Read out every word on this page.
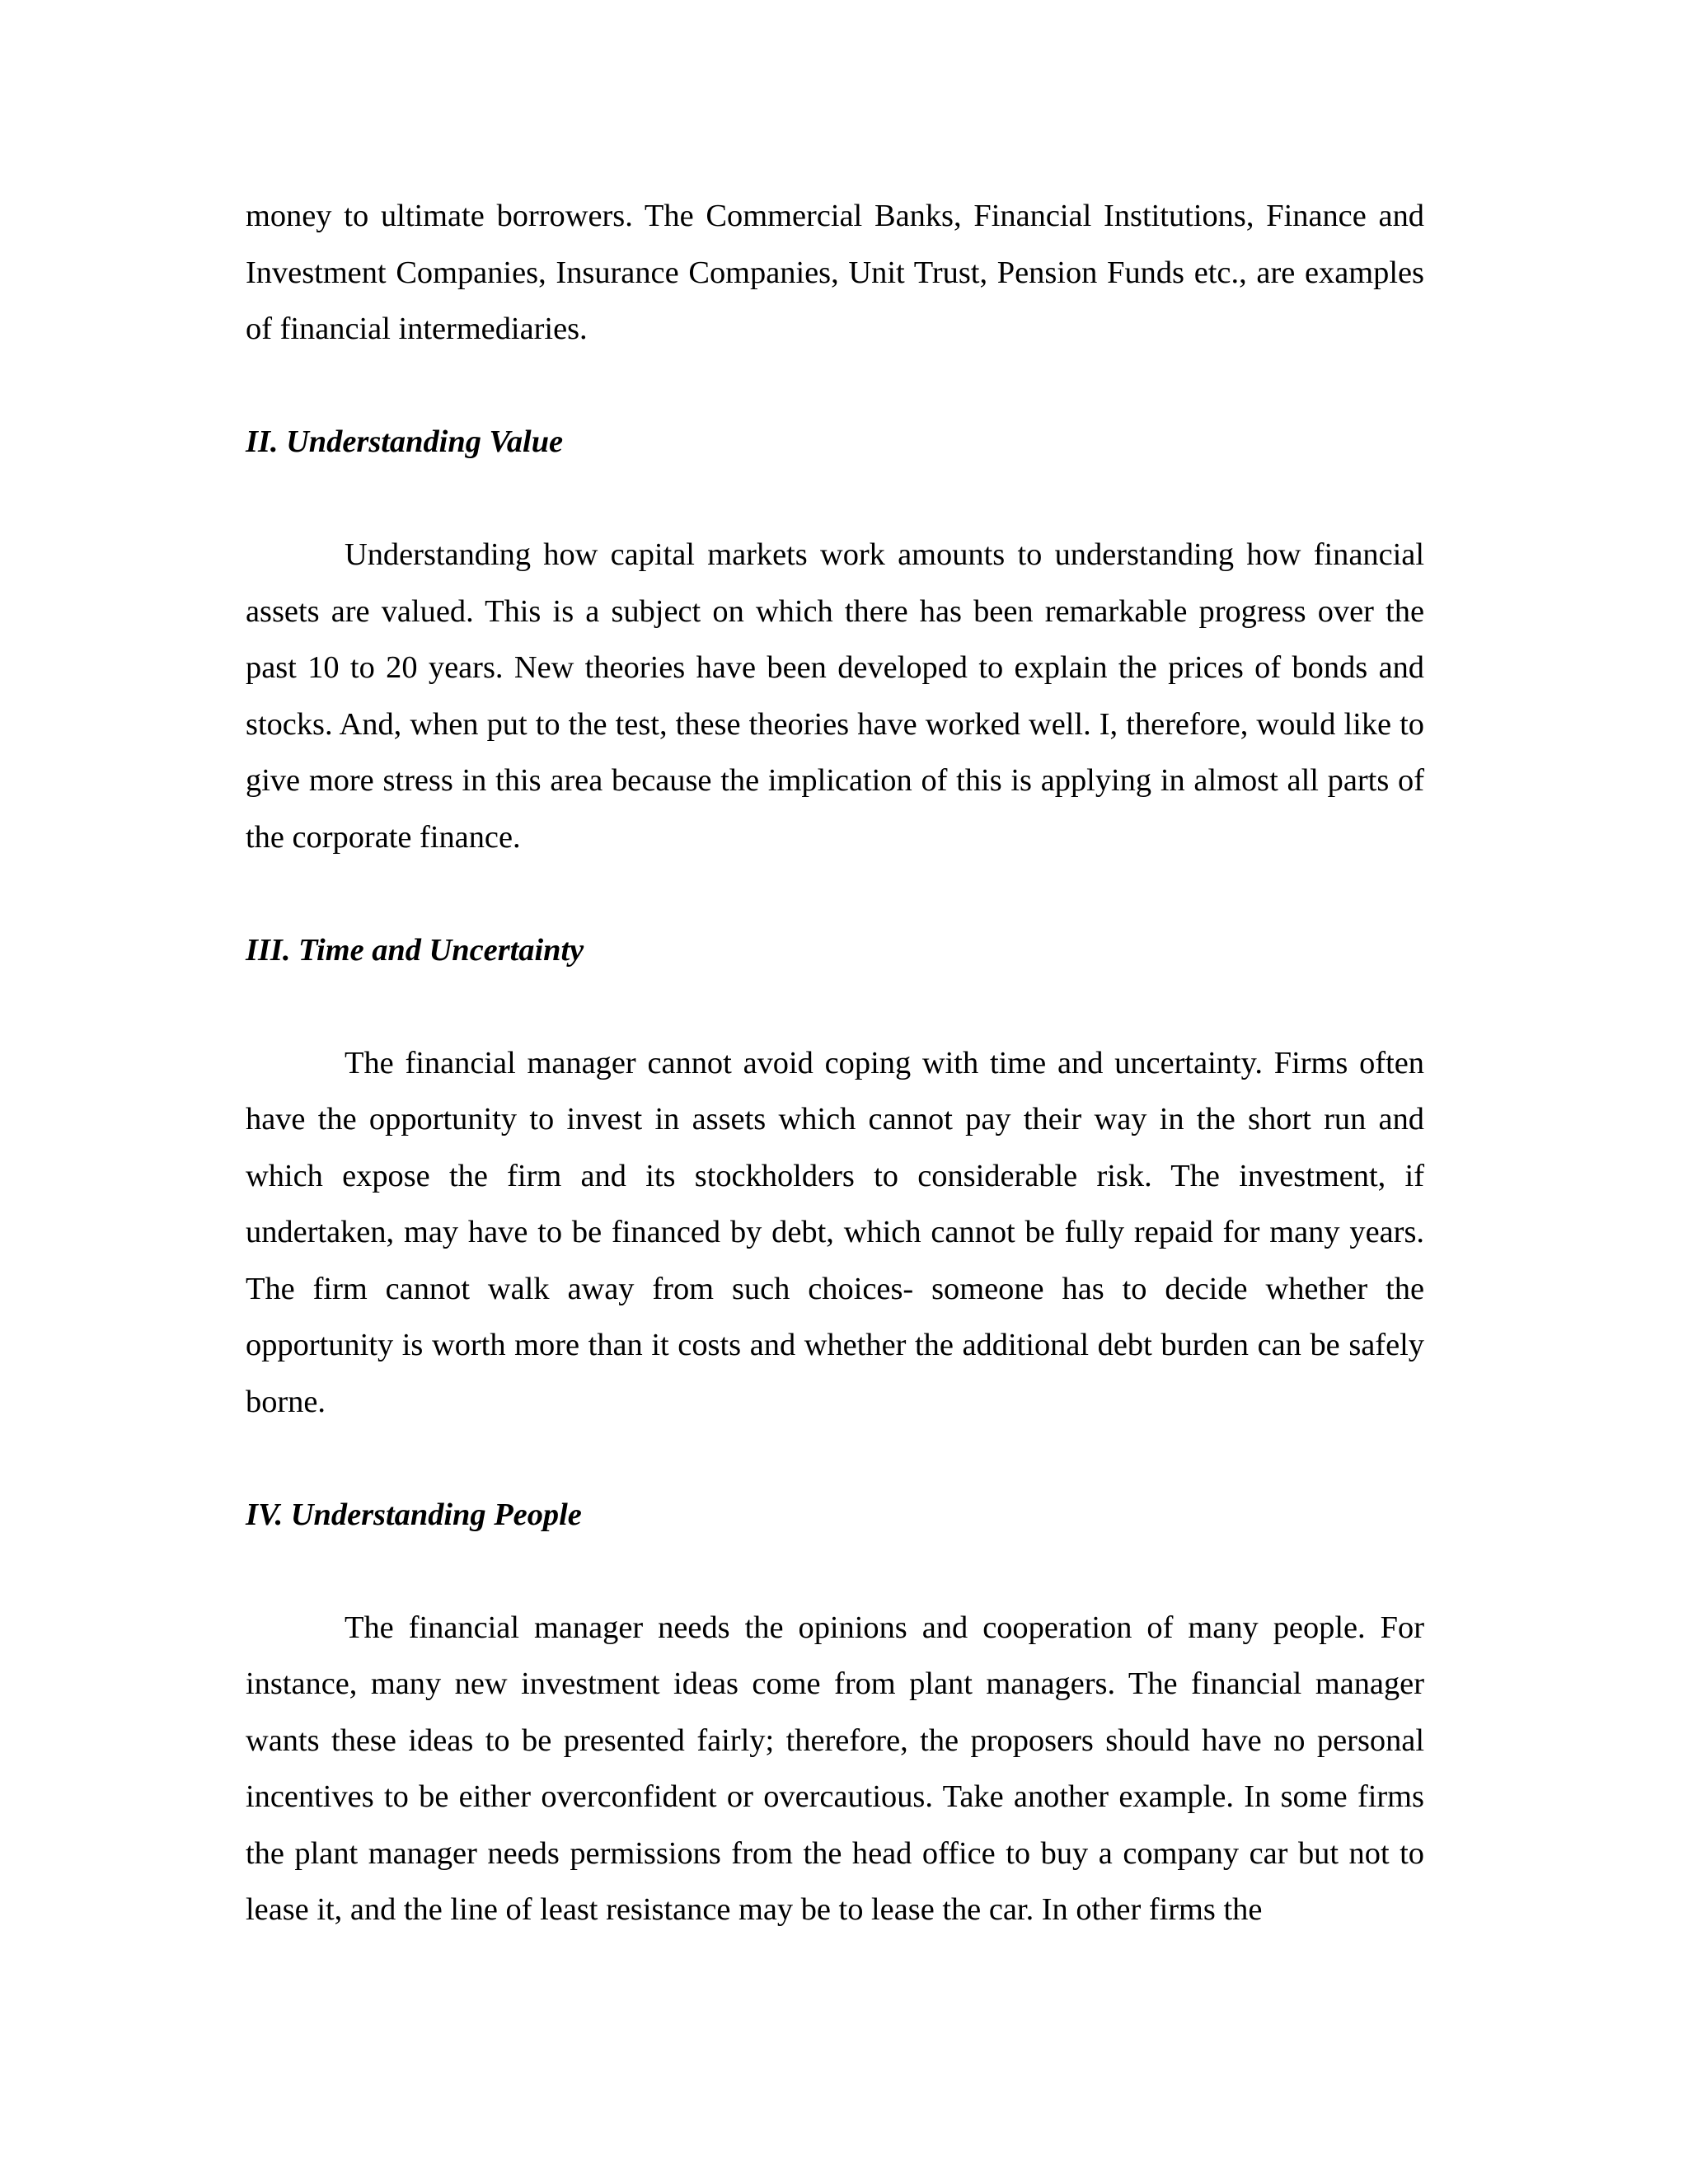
money to ultimate borrowers. The Commercial Banks, Financial Institutions, Finance and Investment Companies, Insurance Companies, Unit Trust, Pension Funds etc., are examples of financial intermediaries.

II. Understanding Value

Understanding how capital markets work amounts to understanding how financial assets are valued. This is a subject on which there has been remarkable progress over the past 10 to 20 years. New theories have been developed to explain the prices of bonds and stocks. And, when put to the test, these theories have worked well. I, therefore, would like to give more stress in this area because the implication of this is applying in almost all parts of the corporate finance.

III. Time and Uncertainty

The financial manager cannot avoid coping with time and uncertainty. Firms often have the opportunity to invest in assets which cannot pay their way in the short run and which expose the firm and its stockholders to considerable risk. The investment, if undertaken, may have to be financed by debt, which cannot be fully repaid for many years. The firm cannot walk away from such choices- someone has to decide whether the opportunity is worth more than it costs and whether the additional debt burden can be safely borne.

IV. Understanding People

The financial manager needs the opinions and cooperation of many people. For instance, many new investment ideas come from plant managers. The financial manager wants these ideas to be presented fairly; therefore, the proposers should have no personal incentives to be either overconfident or overcautious. Take another example. In some firms the plant manager needs permissions from the head office to buy a company car but not to lease it, and the line of least resistance may be to lease the car. In other firms the
